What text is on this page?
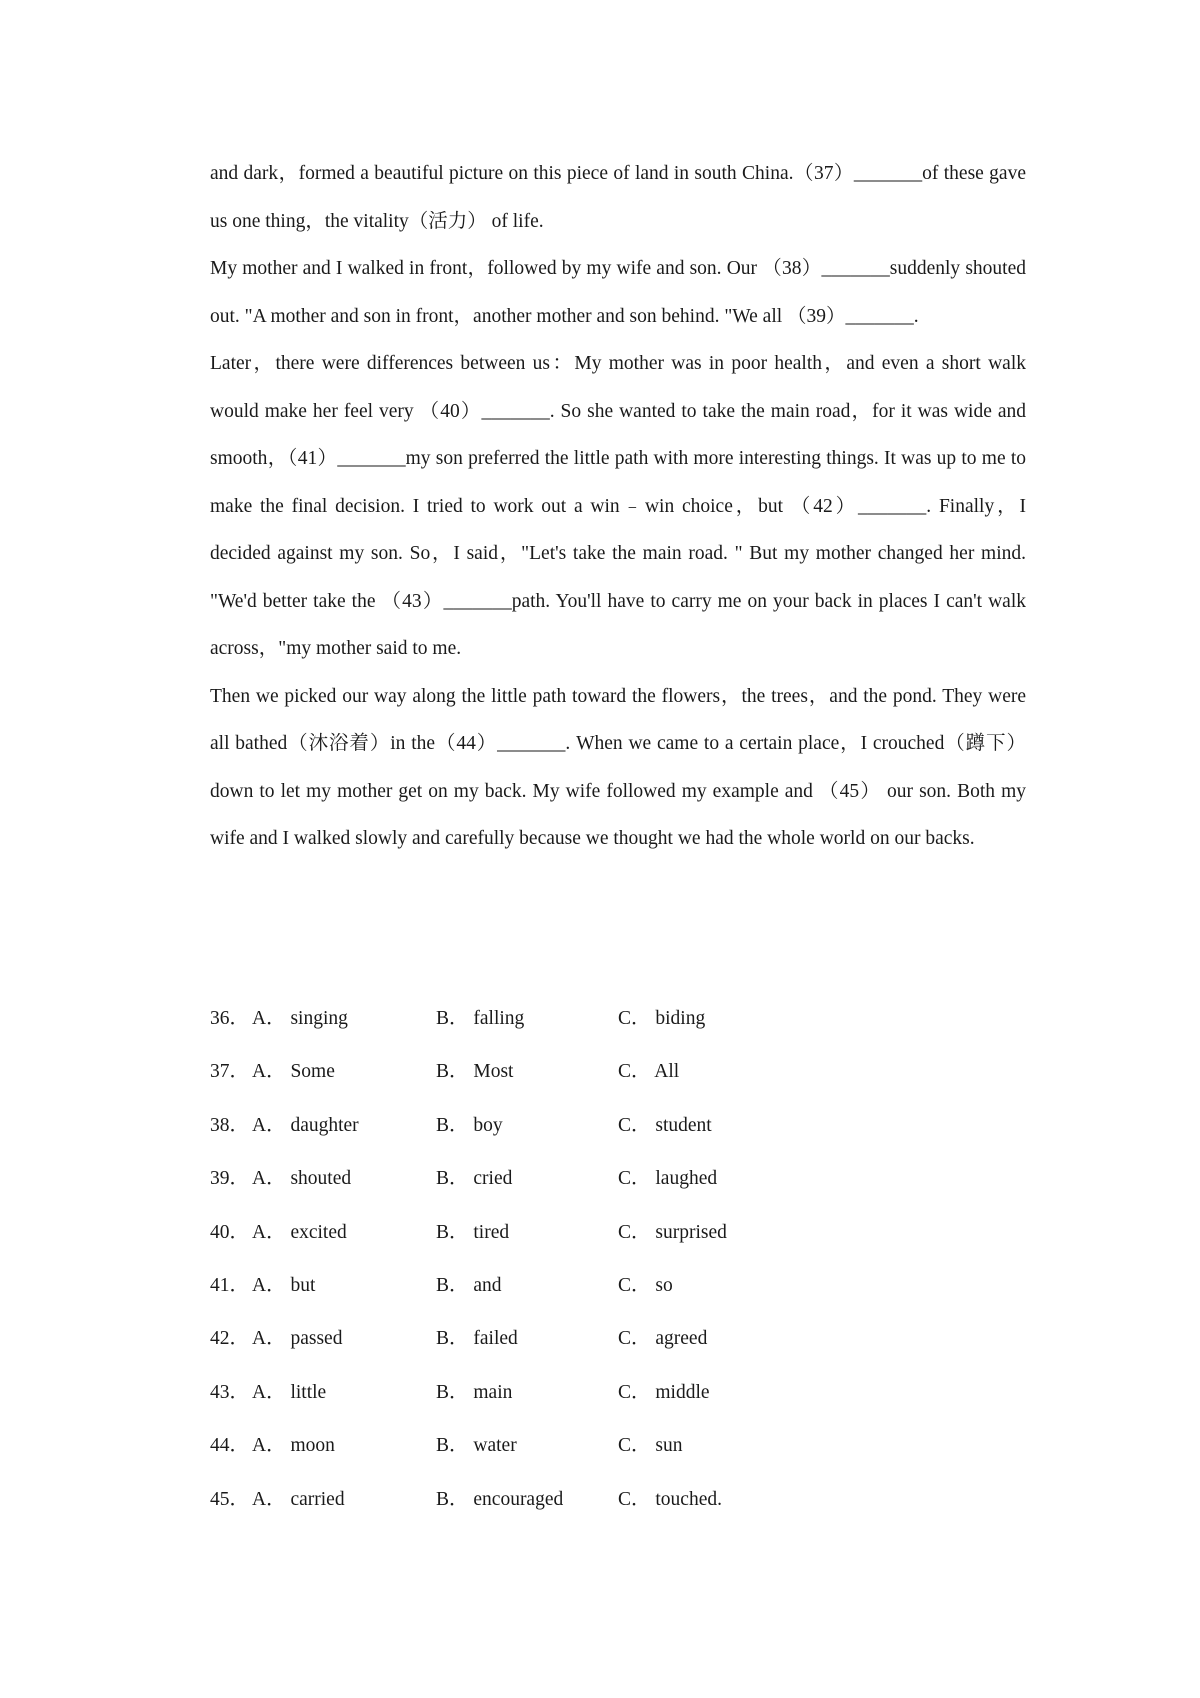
and dark，formed a beautiful picture on this piece of land in south China.（37）_______of these gave us one thing，the vitality（活力） of life.

My mother and I walked in front，followed by my wife and son. Our （38）_______suddenly shouted out. "A mother and son in front，another mother and son behind. "We all （39）_______.

Later，there were differences between us：My mother was in poor health，and even a short walk would make her feel very （40）_______. So she wanted to take the main road，for it was wide and smooth，（41）_______my son preferred the little path with more interesting things. It was up to me to make the final decision. I tried to work out a win﹣win choice，but （42）_______. Finally，I decided against my son. So，I said，"Let's take the main road. " But my mother changed her mind. "We'd better take the （43）_______path. You'll have to carry me on your back in places I can't walk across，"my mother said to me.

Then we picked our way along the little path toward the flowers，the trees，and the pond. They were all bathed（沐浴着）in the（44）_______. When we came to a certain place，I crouched（蹲下）down to let my mother get on my back. My wife followed my example and （45） our son. Both my wife and I walked slowly and carefully because we thought we had the whole world on our backs.

36． A． singing	B． falling	C． biding
37． A． Some	B． Most	C． All
38． A． daughter	B． boy	C． student
39． A． shouted	B． cried	C． laughed
40． A． excited	B． tired	C． surprised
41． A． but	B． and	C． so
42． A． passed	B． failed	C． agreed
43． A． little	B． main	C． middle
44． A． moon	B． water	C． sun
45． A． carried	B． encouraged	C． touched.
